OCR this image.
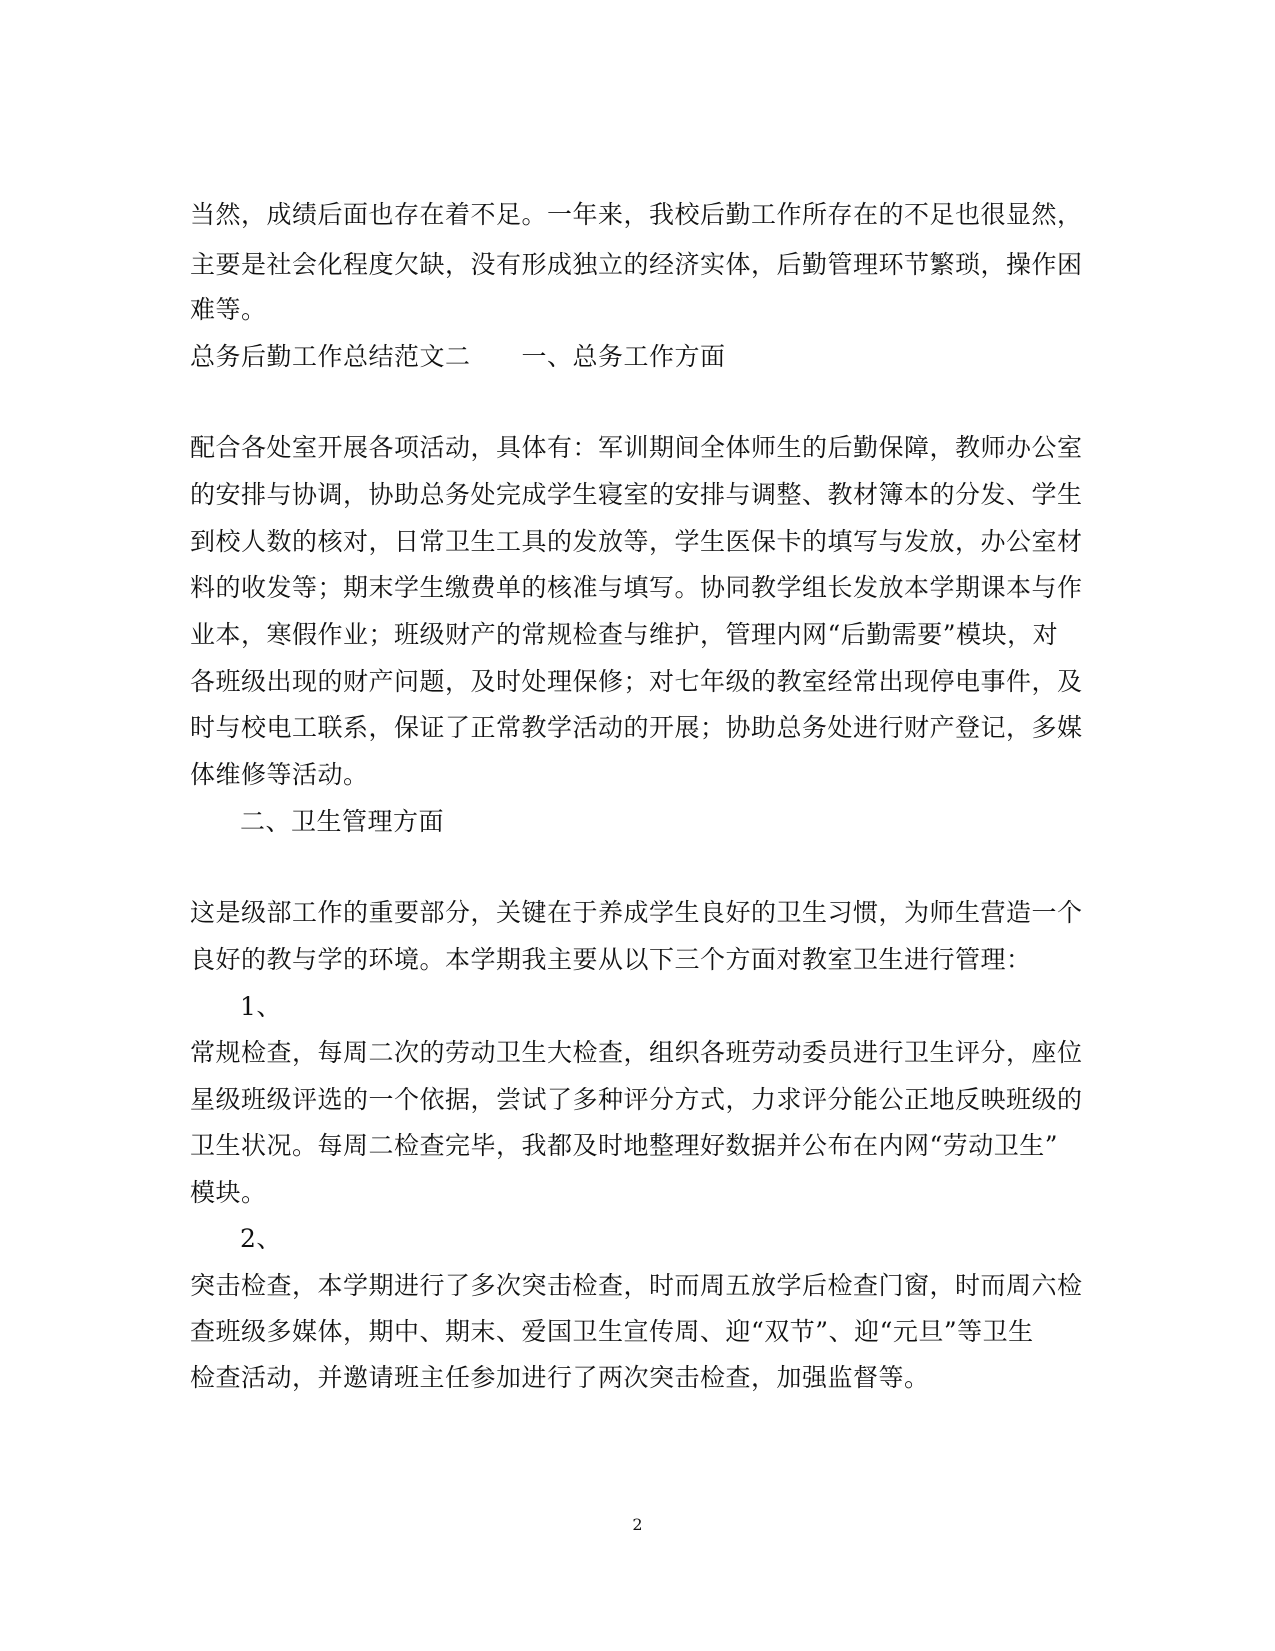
当然，成绩后面也存在着不足。一年来，我校后勤工作所存在的不足也很显然，
主要是社会化程度欠缺，没有形成独立的经济实体，后勤管理环节繁琐，操作困
难等。
总务后勤工作总结范文二　　一、总务工作方面
配合各处室开展各项活动，具体有：军训期间全体师生的后勤保障，教师办公室
的安排与协调，协助总务处完成学生寝室的安排与调整、教材簿本的分发、学生
到校人数的核对，日常卫生工具的发放等，学生医保卡的填写与发放，办公室材
料的收发等；期末学生缴费单的核准与填写。协同教学组长发放本学期课本与作
业本，寒假作业；班级财产的常规检查与维护，管理内网“后勤需要”模块，对
各班级出现的财产问题，及时处理保修；对七年级的教室经常出现停电事件，及
时与校电工联系，保证了正常教学活动的开展；协助总务处进行财产登记，多媒
体维修等活动。
二、卫生管理方面
这是级部工作的重要部分，关键在于养成学生良好的卫生习惯，为师生营造一个
良好的教与学的环境。本学期我主要从以下三个方面对教室卫生进行管理：
1、
常规检查，每周二次的劳动卫生大检查，组织各班劳动委员进行卫生评分，座位
星级班级评选的一个依据，尝试了多种评分方式，力求评分能公正地反映班级的
卫生状况。每周二检查完毕，我都及时地整理好数据并公布在内网“劳动卫生”
模块。
2、
突击检查，本学期进行了多次突击检查，时而周五放学后检查门窗，时而周六检
查班级多媒体，期中、期末、爱国卫生宣传周、迎“双节”、迎“元旦”等卫生
检查活动，并邀请班主任参加进行了两次突击检查，加强监督等。
2
